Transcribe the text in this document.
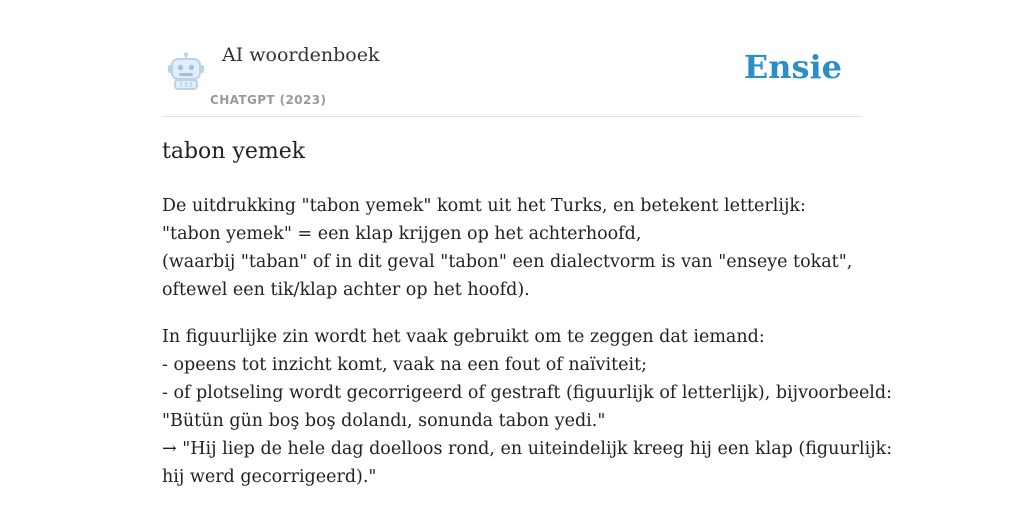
AI woordenboek
CHATGPT (2023)
Ensie
tabon yemek

De uitdrukking "tabon yemek" komt uit het Turks, en betekent letterlijk:
"tabon yemek" = een klap krijgen op het achterhoofd,
(waarbij "taban" of in dit geval "tabon" een dialectvorm is van "enseye tokat",
oftewel een tik/klap achter op het hoofd).

In figuurlijke zin wordt het vaak gebruikt om te zeggen dat iemand:
- opeens tot inzicht komt, vaak na een fout of naïviteit;
- of plotseling wordt gecorrigeerd of gestraft (figuurlijk of letterlijk), bijvoorbeeld:
"Bütün gün boş boş dolandı, sonunda tabon yedi."
→ "Hij liep de hele dag doelloos rond, en uiteindelijk kreeg hij een klap (figuurlijk:
hij werd gecorrigeerd)."
